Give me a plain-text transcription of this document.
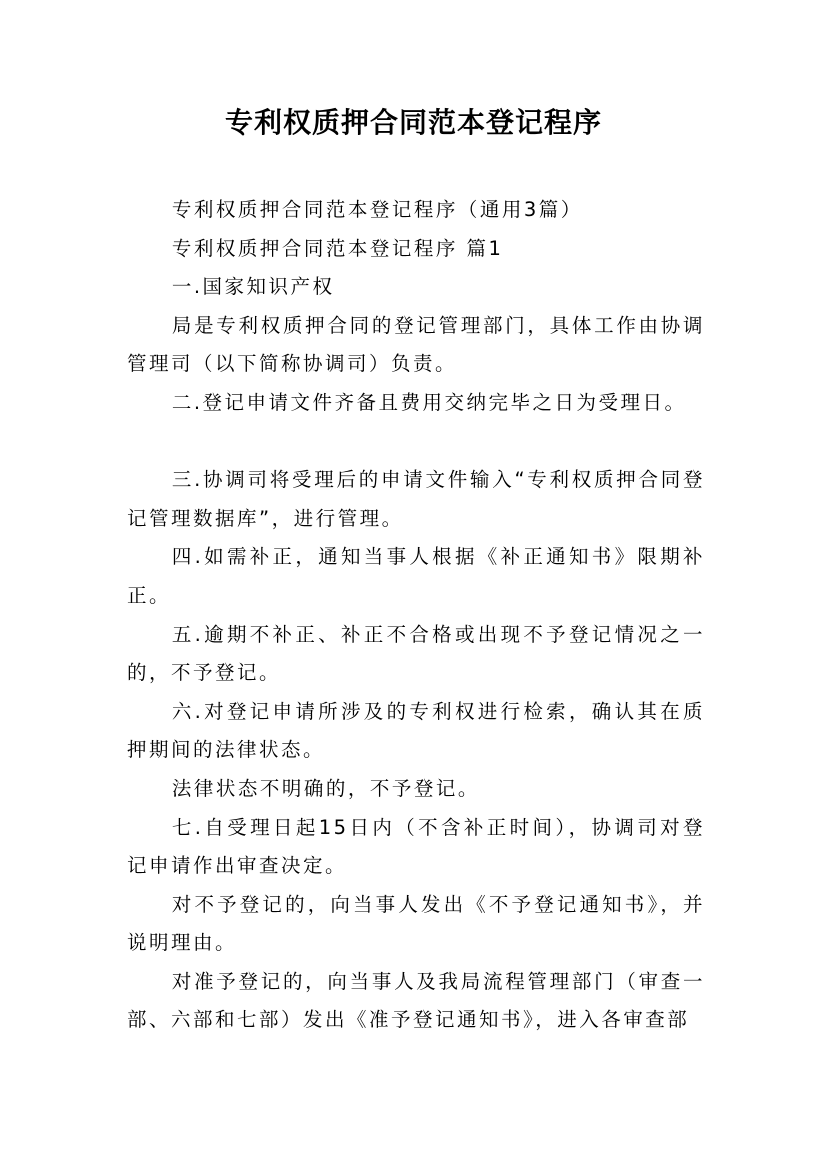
专利权质押合同范本登记程序

专利权质押合同范本登记程序（通用3篇）

专利权质押合同范本登记程序 篇1

一.国家知识产权

局是专利权质押合同的登记管理部门，具体工作由协调管理司（以下简称协调司）负责。

二.登记申请文件齐备且费用交纳完毕之日为受理日。

三.协调司将受理后的申请文件输入“专利权质押合同登记管理数据库”，进行管理。

四.如需补正，通知当事人根据《补正通知书》限期补正。

五.逾期不补正、补正不合格或出现不予登记情况之一的，不予登记。

六.对登记申请所涉及的专利权进行检索，确认其在质押期间的法律状态。

法律状态不明确的，不予登记。

七.自受理日起15日内（不含补正时间），协调司对登记申请作出审查决定。

对不予登记的，向当事人发出《不予登记通知书》，并说明理由。

对准予登记的，向当事人及我局流程管理部门（审查一部、六部和七部）发出《准予登记通知书》，进入各审查部
